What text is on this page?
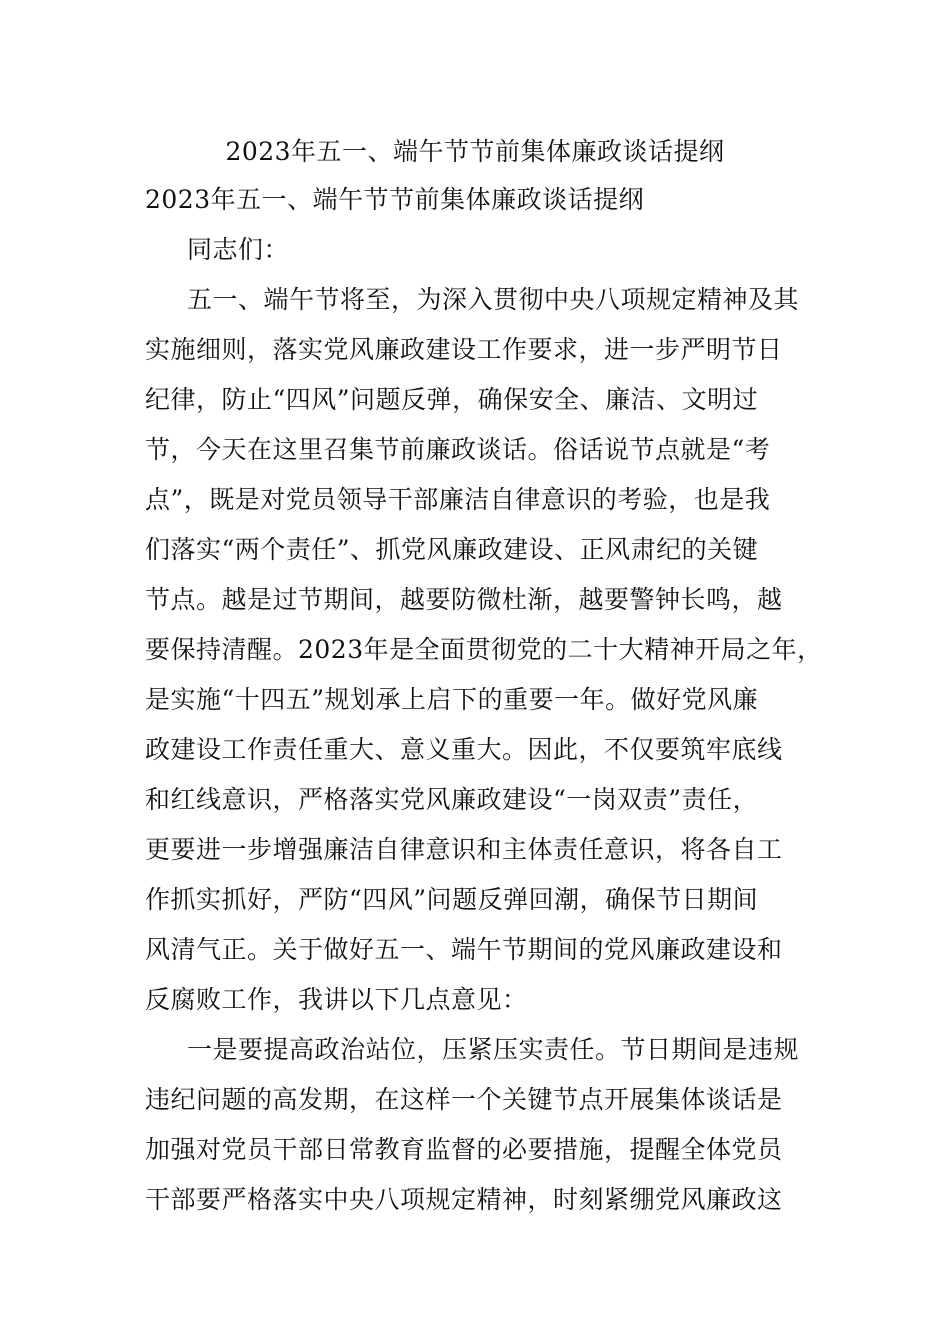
2023年五一、端午节节前集体廉政谈话提纲
2023年五一、端午节节前集体廉政谈话提纲
同志们：
五一、端午节将至，为深入贯彻中央八项规定精神及其
实施细则，落实党风廉政建设工作要求，进一步严明节日
纪律，防止“四风”问题反弹，确保安全、廉洁、文明过
节，今天在这里召集节前廉政谈话。俗话说节点就是“考
点”，既是对党员领导干部廉洁自律意识的考验，也是我
们落实“两个责任”、抓党风廉政建设、正风肃纪的关键
节点。越是过节期间，越要防微杜渐，越要警钟长鸣，越
要保持清醒。2023年是全面贯彻党的二十大精神开局之年，
是实施“十四五”规划承上启下的重要一年。做好党风廉
政建设工作责任重大、意义重大。因此，不仅要筑牢底线
和红线意识，严格落实党风廉政建设“一岗双责”责任，
更要进一步增强廉洁自律意识和主体责任意识，将各自工
作抓实抓好，严防“四风”问题反弹回潮，确保节日期间
风清气正。关于做好五一、端午节期间的党风廉政建设和
反腐败工作，我讲以下几点意见：
一是要提高政治站位，压紧压实责任。节日期间是违规
违纪问题的高发期，在这样一个关键节点开展集体谈话是
加强对党员干部日常教育监督的必要措施，提醒全体党员
干部要严格落实中央八项规定精神，时刻紧绷党风廉政这
